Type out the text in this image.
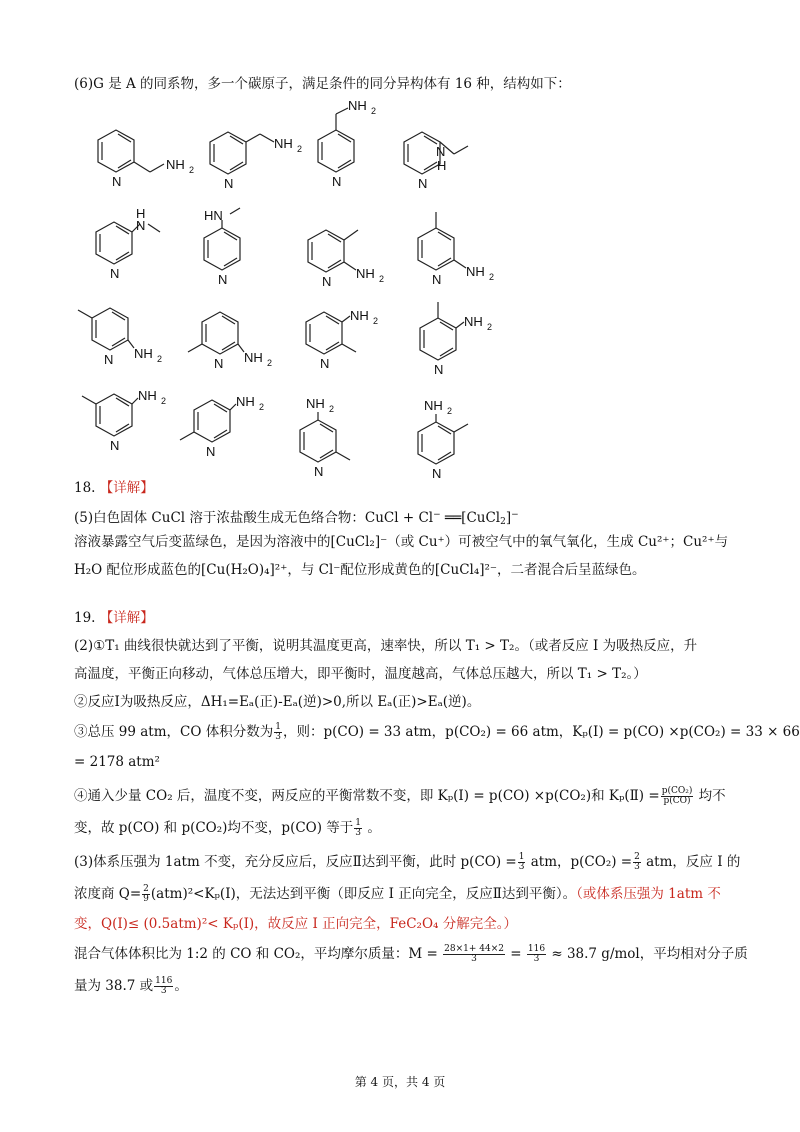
(6)G 是 A 的同系物，多一个碳原子，满足条件的同分异构体有 16 种，结构如下：
N
NH 2
N
NH 2
NH 2
N	N
N
H
H
N
N
HN
N	N
NH 2	N
NH 2
N NH 2	N NH 2
NH 2
N
NH 2
N
NH 2
N
NH 2
N
NH 2
N
NH 2
N
18. 【详解】
(5)白色固体 CuCl 溶于浓盐酸生成无色络合物：CuCl + Cl− ══[CuCl$_2$]−
溶液暴露空气后变蓝绿色，是因为溶液中的[CuCl₂]⁻（或 Cu⁺）可被空气中的氧气氧化，生成 Cu²⁺；Cu²⁺与
H₂O 配位形成蓝色的[Cu(H₂O)₄]²⁺，与 Cl⁻配位形成黄色的[CuCl₄]²⁻，二者混合后呈蓝绿色。
19. 【详解】
(2)①T₁ 曲线很快就达到了平衡，说明其温度更高，速率快，所以 T₁ > T₂。（或者反应 I 为吸热反应，升
高温度，平衡正向移动，气体总压增大，即平衡时，温度越高，气体总压越大，所以 T₁ > T₂。）
②反应I为吸热反应，ΔH₁=Eₐ(正)-Eₐ(逆)>0,所以 Eₐ(正)>Eₐ(逆)。
③总压 99 atm，CO 体积分数为 $\frac{1}{3}$ ，则：p(CO) = 33 atm，p(CO₂) = 66 atm，Kₚ(I) = p(CO) ×p(CO₂) = 33 × 66
= 2178 atm²
④通入少量 CO₂ 后，温度不变，两反应的平衡常数不变，即 Kₚ(I) = p(CO) ×p(CO₂)和 Kₚ(Ⅱ) = $\frac{\text{p(CO₂)}}{p(CO)}$ 均不
变，故 p(CO) 和 p(CO₂)均不变，p(CO) 等于 $\frac{1}{3}$ 。
(3)体系压强为 1atm 不变，充分反应后，反应Ⅱ达到平衡，此时 $p(CO) = \frac{1}{3}$ atm，$p(CO_2) = \frac{2}{3}$ atm，反应 I 的
浓度商 $Q= \frac{2}{9} (atm)^2<K_p(I)$，无法达到平衡（即反应 I 正向完全，反应Ⅱ达到平衡）。（或体系压强为 1atm 不
变，Q(I)≤ (0.5atm)²< Kₚ(I)，故反应 I 正向完全，FeC₂O₄ 分解完全。）
混合气体体积比为 1:2 的 CO 和 CO₂，平均摩尔质量：$M = \frac{28\times 1+ 44\times 2}{3} = \frac{116}{3} \approx 38.7$ g/mol，平均相对分子质
量为 38.7 或 $\frac{116}{3}$ 。
第 4 页，共 4 页
